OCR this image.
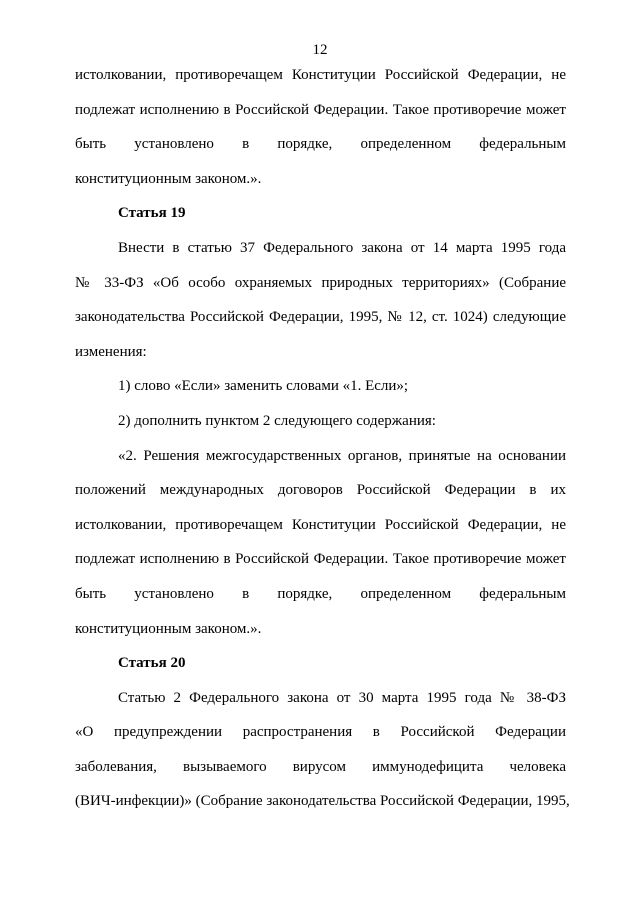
12
истолковании, противоречащем Конституции Российской Федерации, не
подлежат исполнению в Российской Федерации. Такое противоречие может
быть установлено в порядке, определенном федеральным
конституционным законом.».
Статья 19
Внести в статью 37 Федерального закона от 14 марта 1995 года
№ 33-ФЗ «Об особо охраняемых природных территориях» (Собрание
законодательства Российской Федерации, 1995, № 12, ст. 1024) следующие
изменения:
1) слово «Если» заменить словами «1. Если»;
2) дополнить пунктом 2 следующего содержания:
«2. Решения межгосударственных органов, принятые на основании
положений международных договоров Российской Федерации в их
истолковании, противоречащем Конституции Российской Федерации, не
подлежат исполнению в Российской Федерации. Такое противоречие может
быть установлено в порядке, определенном федеральным
конституционным законом.».
Статья 20
Статью 2 Федерального закона от 30 марта 1995 года № 38-ФЗ
«О предупреждении распространения в Российской Федерации
заболевания, вызываемого вирусом иммунодефицита человека
(ВИЧ-инфекции)» (Собрание законодательства Российской Федерации, 1995,
